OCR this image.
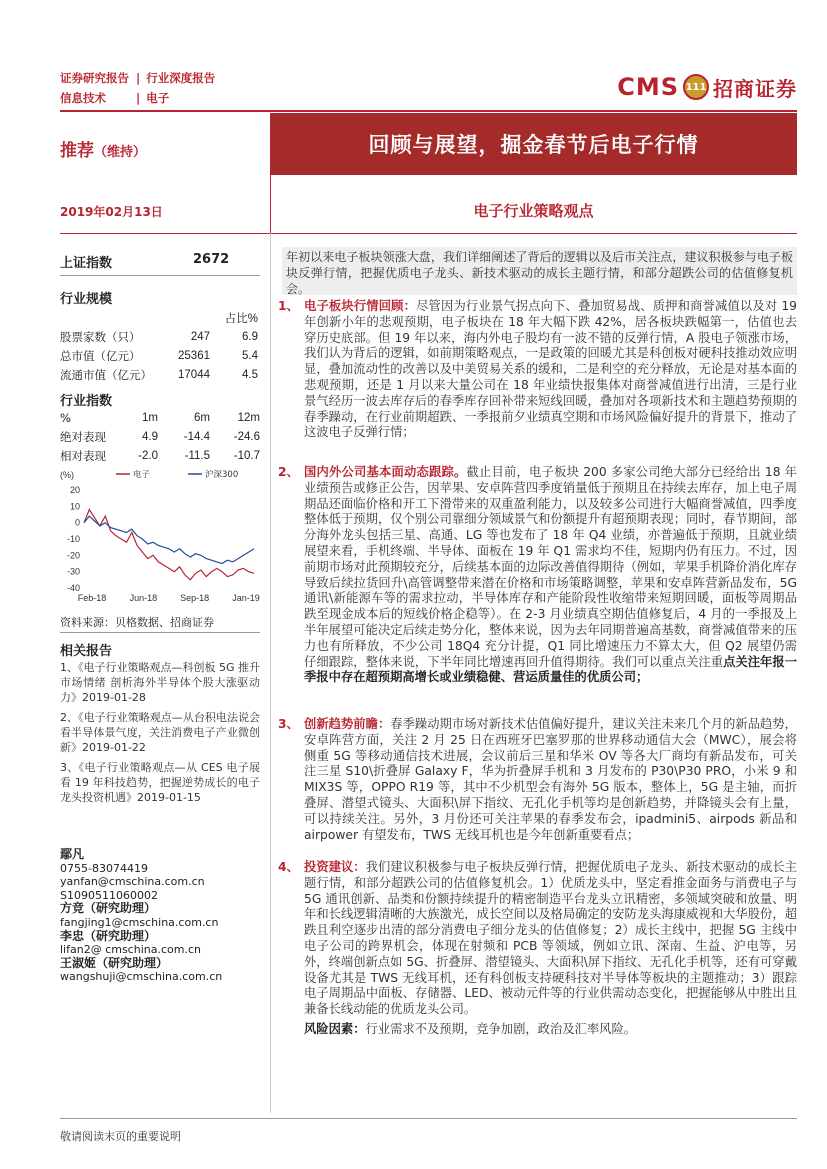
证券研究报告 | 行业深度报告
信息技术	| 电子	CMS 111 招商证券
推荐（维持）	回顾与展望，掘金春节后电子行情
2019年02月13日	电子行业策略观点
年初以来电子板块领涨大盘，我们详细阐述了背后的逻辑以及后市关注点，建议积极参与电子板块反弹行情，把握优质电子龙头、新技术驱动的成长主题行情，和部分超跌公司的估值修复机会。
上证指数	2672
行业规模
		占比%
股票家数（只）	247	6.9
总市值（亿元）	25361	5.4
流通市值（亿元）	17044	4.5
行业指数
%	1m	6m	12m
绝对表现	4.9	-14.4	-24.6
相对表现	-2.0	-11.5	-10.7
(%)	电子	沪深300
20
10
0
-10
-20
-30
-40
Feb-18	Jun-18	Sep-18	Jan-19
资料来源：贝格数据、招商证券
相关报告
1、《电子行业策略观点—科创板 5G 推升市场情绪 剖析海外半导体个股大涨驱动力》2019-01-28
2、《电子行业策略观点—从台积电法说会看半导体景气度，关注消费电子产业微创新》2019-01-22
3、《电子行业策略观点—从 CES 电子展看 19 年科技趋势，把握逆势成长的电子龙头投资机遇》2019-01-15
鄢凡
0755-83074419
yanfan@cmschina.com.cn
S1090511060002
方竞（研究助理）
fangjing1@cmschina.com.cn
李忠（研究助理）
lifan2@ cmschina.com.cn
王淑姬（研究助理）
wangshuji@cmschina.com.cn
1、 电子板块行情回顾：尽管因为行业景气拐点向下、叠加贸易战、质押和商誉减值以及对 19 年创新小年的悲观预期，电子板块在 18 年大幅下跌 42%，居各板块跌幅第一，估值也去穿历史底部。但 19 年以来，海内外电子股均有一波不错的反弹行情，A 股电子领涨市场，我们认为背后的逻辑，如前期策略观点，一是政策的回暖尤其是科创板对硬科技推动效应明显，叠加流动性的改善以及中美贸易关系的缓和，二是利空的充分释放，无论是对基本面的悲观预期，还是 1 月以来大量公司在 18 年业绩快报集体对商誉减值进行出清，三是行业景气经历一波去库存后的春季库存回补带来短线回暖，叠加对各项新技术和主题趋势预期的春季躁动，在行业前期超跌、一季报前夕业绩真空期和市场风险偏好提升的背景下，推动了这波电子反弹行情；
2、 国内外公司基本面动态跟踪。截止目前，电子板块 200 多家公司绝大部分已经给出 18 年业绩预告或修正公告，因苹果、安卓阵营四季度销量低于预期且在持续去库存，加上电子周期品还面临价格和开工下滑带来的双重盈利能力，以及较多公司进行大幅商誉减值，四季度整体低于预期，仅个别公司靠细分领域景气和份额提升有超预期表现；同时，春节期间，部分海外龙头包括三星、高通、LG 等也发布了 18 年 Q4 业绩，亦普遍低于预期，且就业绩展望来看，手机终端、半导体、面板在 19 年 Q1 需求均不佳，短期内仍有压力。不过，因前期市场对此预期较充分，后续基本面的边际改善值得期待（例如，苹果手机降价消化库存导致后续拉货回升\高管调整带来潜在价格和市场策略调整，苹果和安卓阵营新品发布，5G 通讯\新能源车等的需求拉动，半导体库存和产能阶段性收缩带来短期回暖，面板等周期品跌至现金成本后的短线价格企稳等）。在 2-3 月业绩真空期估值修复后，4 月的一季报及上半年展望可能决定后续走势分化，整体来说，因为去年同期普遍高基数，商誉减值带来的压力也有所释放，不少公司 18Q4 充分计提，Q1 同比增速压力不算太大，但 Q2 展望仍需仔细跟踪，整体来说，下半年同比增速再回升值得期待。我们可以重点关注重点关注年报一季报中存在超预期高增长或业绩稳健、营运质量佳的优质公司；
3、 创新趋势前瞻：春季躁动期市场对新技术估值偏好提升，建议关注未来几个月的新品趋势，安卓阵营方面，关注 2 月 25 日在西班牙巴塞罗那的世界移动通信大会（MWC），展会将侧重 5G 等移动通信技术进展，会议前后三星和华米 OV 等各大厂商均有新品发布，可关注三星 S10\折叠屏 Galaxy F，华为折叠屏手机和 3 月发布的 P30\P30 PRO，小米 9 和 MIX3S 等，OPPO R19 等，其中不少机型会有海外 5G 版本，整体上，5G 是主轴，而折叠屏、潜望式镜头、大面积\屏下指纹、无孔化手机等均是创新趋势，并降镜头会有上量，可以持续关注。另外，3 月份还可关注苹果的春季发布会，ipadmini5、airpods 新品和 airpower 有望发布，TWS 无线耳机也是今年创新重要看点；
4、 投资建议：我们建议积极参与电子板块反弹行情，把握优质电子龙头、新技术驱动的成长主题行情，和部分超跌公司的估值修复机会。1）优质龙头中，坚定看推金面务与消费电子与 5G 通讯创新、品类和份额持续提升的精密制造平台龙头立讯精密，多领域突破和放量、明年和长线逻辑清晰的大族激光，成长空间以及格局确定的安防龙头海康威视和大华股份，超跌且利空逐步出清的部分消费电子细分龙头的估值修复；2）成长主线中，把握 5G 主线中电子公司的跨界机会，体现在射频和 PCB 等领域，例如立讯、深南、生益、沪电等，另外，终端创新点如 5G、折叠屏、潜望镜头、大面积\屏下指纹、无孔化手机等，还有可穿戴设备尤其是 TWS 无线耳机，还有科创板支持硬科技对半导体等板块的主题推动；3）跟踪电子周期品中面板、存储器、LED、被动元件等的行业供需动态变化，把握能够从中胜出且兼备长线动能的优质龙头公司。
风险因素：行业需求不及预期，竞争加剧，政治及汇率风险。
敬请阅读末页的重要说明
